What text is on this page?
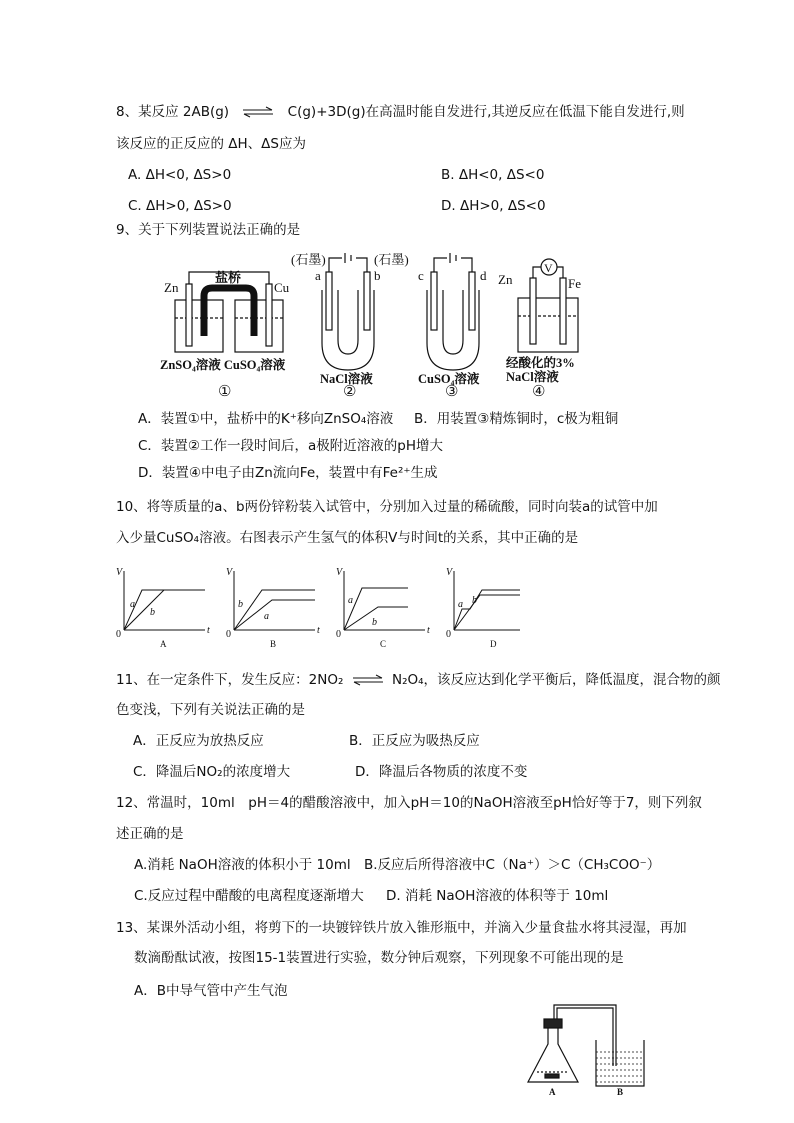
8、某反应 2AB(g) ⇌ C(g)+3D(g)在高温时能自发进行,其逆反应在低温下能自发进行,则
该反应的正反应的 ΔH、ΔS应为
A. ΔH<0, ΔS>0	B. ΔH<0, ΔS<0
C. ΔH>0, ΔS>0	D. ΔH>0, ΔS<0
9、关于下列装置说法正确的是
Zn	Cu
盐桥
(石墨)	(石墨)
a	b	c	d Zn	Fe
V
ZnSO₄溶液 CuSO₄溶液
NaCl溶液	CuSO₄溶液
经酸化的3%
NaCl溶液
①	②	③	④
A．装置①中，盐桥中的K⁺移向ZnSO₄溶液 B．用装置③精炼铜时，c极为粗铜
C．装置②工作一段时间后，a极附近溶液的pH增大
D．装置④中电子由Zn流向Fe，装置中有Fe²⁺生成
10、将等质量的a、b两份锌粉装入试管中，分别加入过量的稀硫酸，同时向装a的试管中加
入少量CuSO₄溶液。右图表示产生氢气的体积V与时间t的关系，其中正确的是
V
t
0
a
b
A
V
t
0
b
a
B
V
t
0
a
b
C
V
0
a b
D
11、在一定条件下，发生反应：2NO₂ ⇌ N₂O₄，该反应达到化学平衡后，降低温度，混合物的颜
色变浅，下列有关说法正确的是
A．正反应为放热反应	B．正反应为吸热反应
C．降温后NO₂的浓度增大	D．降温后各物质的浓度不变
12、常温时，10ml　pH＝4的醋酸溶液中，加入pH＝10的NaOH溶液至pH恰好等于7，则下列叙
述正确的是
A.消耗 NaOH溶液的体积小于 10ml B.反应后所得溶液中C（Na⁺）＞C（CH₃COO⁻）
C.反应过程中醋酸的电离程度逐渐增大 D. 消耗 NaOH溶液的体积等于 10ml
13、某课外活动小组，将剪下的一块镀锌铁片放入锥形瓶中，并滴入少量食盐水将其浸湿，再加
数滴酚酞试液，按图15-1装置进行实验，数分钟后观察，下列现象不可能出现的是
A．B中导气管中产生气泡
A	B
